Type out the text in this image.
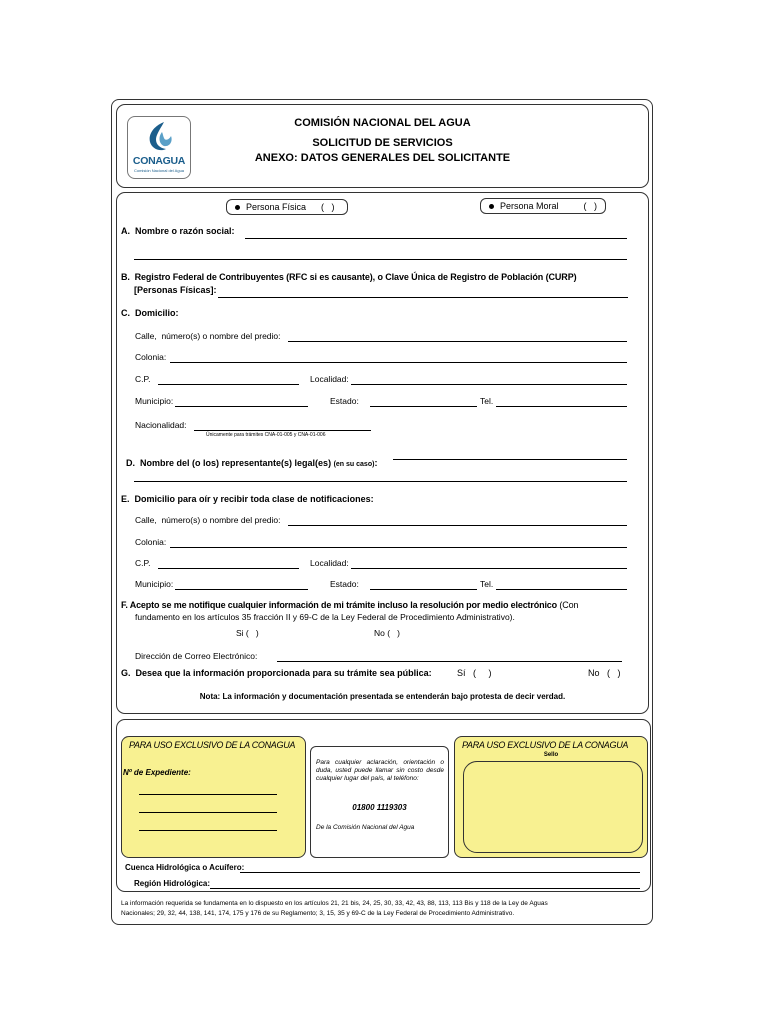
CONAGUA
Comisión Nacional del Agua
COMISIÓN NACIONAL DEL AGUA
SOLICITUD DE SERVICIOS
ANEXO: DATOS GENERALES DEL SOLICITANTE
Persona Física      (   )	Persona Moral          (   )
A.  Nombre o razón social:
B.  Registro Federal de Contribuyentes (RFC si es causante), o Clave Única de Registro de Población (CURP)
[Personas Físicas]:
C.  Domicilio:
Calle,  número(s) o nombre del predio:
Colonia:
C.P.	Localidad:
Municipio:	Estado:	Tel.
Nacionalidad:
Únicamente para trámites CNA-01-005 y CNA-01-006

D.  Nombre del (o los) representante(s) legal(es) (en su caso):

E.  Domicilio para oír y recibir toda clase de notificaciones:
Calle,  número(s) o nombre del predio:
Colonia:
C.P.	Localidad:
Municipio:	Estado:	Tel.
F. Acepto se me notifique cualquier información de mi trámite incluso la resolución por medio electrónico (Con
fundamento en los artículos 35 fracción II y 69-C de la Ley Federal de Procedimiento Administrativo).
Si (   )	No (   )
Dirección de Correo Electrónico:
G.  Desea que la información proporcionada para su trámite sea pública:	Sí   (     )	No   (   )
Nota: La información y documentación presentada se entenderán bajo protesta de decir verdad.
PARA USO EXCLUSIVO DE LA CONAGUA
Nº de Expediente:
Para cualquier aclaración, orientación o duda, usted puede llamar sin costo desde cualquier lugar del país, al teléfono:
01800 1119303
De la Comisión Nacional del Agua
PARA USO EXCLUSIVO DE LA CONAGUA
Sello
Cuenca Hidrológica o Acuífero:
Región Hidrológica:
La información requerida se fundamenta en lo dispuesto en los artículos 21, 21 bis, 24, 25, 30, 33, 42, 43, 88, 113, 113 Bis y 118 de la Ley de Aguas
Nacionales; 29, 32, 44, 138, 141, 174, 175 y 176 de su Reglamento; 3, 15, 35 y 69-C de la Ley Federal de Procedimiento Administrativo.
